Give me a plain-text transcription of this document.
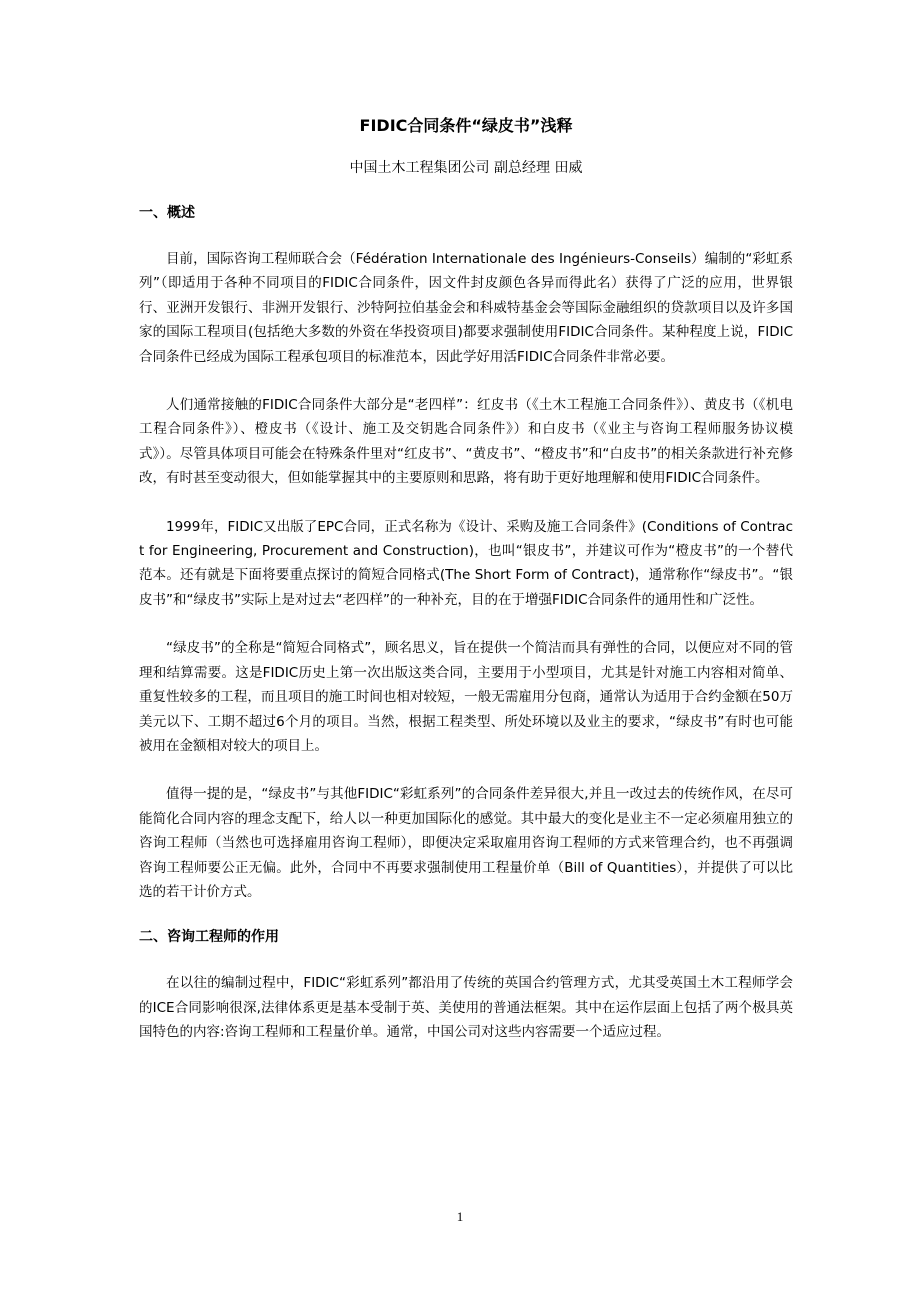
FIDIC合同条件“绿皮书”浅释

中国土木工程集团公司 副总经理 田威

一、概述

目前，国际咨询工程师联合会（Fédération Internationale des Ingénieurs-Conseils）编制的“彩虹系列”（即适用于各种不同项目的FIDIC合同条件，因文件封皮颜色各异而得此名）获得了广泛的应用，世界银行、亚洲开发银行、非洲开发银行、沙特阿拉伯基金会和科威特基金会等国际金融组织的贷款项目以及许多国家的国际工程项目(包括绝大多数的外资在华投资项目)都要求强制使用FIDIC合同条件。某种程度上说，FIDIC合同条件已经成为国际工程承包项目的标准范本，因此学好用活FIDIC合同条件非常必要。

人们通常接触的FIDIC合同条件大部分是“老四样”：红皮书（《土木工程施工合同条件》）、黄皮书（《机电工程合同条件》）、橙皮书（《设计、施工及交钥匙合同条件》）和白皮书（《业主与咨询工程师服务协议模式》）。尽管具体项目可能会在特殊条件里对“红皮书”、“黄皮书”、“橙皮书”和“白皮书”的相关条款进行补充修改，有时甚至变动很大，但如能掌握其中的主要原则和思路，将有助于更好地理解和使用FIDIC合同条件。

1999年，FIDIC又出版了EPC合同，正式名称为《设计、采购及施工合同条件》(Conditions of Contract for Engineering, Procurement and Construction)，也叫“银皮书”，并建议可作为“橙皮书”的一个替代范本。还有就是下面将要重点探讨的简短合同格式(The Short Form of Contract)，通常称作“绿皮书”。“银皮书”和“绿皮书”实际上是对过去“老四样”的一种补充，目的在于增强FIDIC合同条件的通用性和广泛性。

“绿皮书”的全称是“简短合同格式”，顾名思义，旨在提供一个简洁而具有弹性的合同，以便应对不同的管理和结算需要。这是FIDIC历史上第一次出版这类合同，主要用于小型项目，尤其是针对施工内容相对简单、重复性较多的工程，而且项目的施工时间也相对较短，一般无需雇用分包商，通常认为适用于合约金额在50万美元以下、工期不超过6个月的项目。当然，根据工程类型、所处环境以及业主的要求，“绿皮书”有时也可能被用在金额相对较大的项目上。

值得一提的是，“绿皮书”与其他FIDIC“彩虹系列”的合同条件差异很大,并且一改过去的传统作风，在尽可能简化合同内容的理念支配下，给人以一种更加国际化的感觉。其中最大的变化是业主不一定必须雇用独立的咨询工程师（当然也可选择雇用咨询工程师），即便决定采取雇用咨询工程师的方式来管理合约，也不再强调咨询工程师要公正无偏。此外，合同中不再要求强制使用工程量价单（Bill of Quantities），并提供了可以比选的若干计价方式。

二、咨询工程师的作用

在以往的编制过程中，FIDIC“彩虹系列”都沿用了传统的英国合约管理方式，尤其受英国土木工程师学会的ICE合同影响很深,法律体系更是基本受制于英、美使用的普通法框架。其中在运作层面上包括了两个极具英国特色的内容:咨询工程师和工程量价单。通常，中国公司对这些内容需要一个适应过程。

1
